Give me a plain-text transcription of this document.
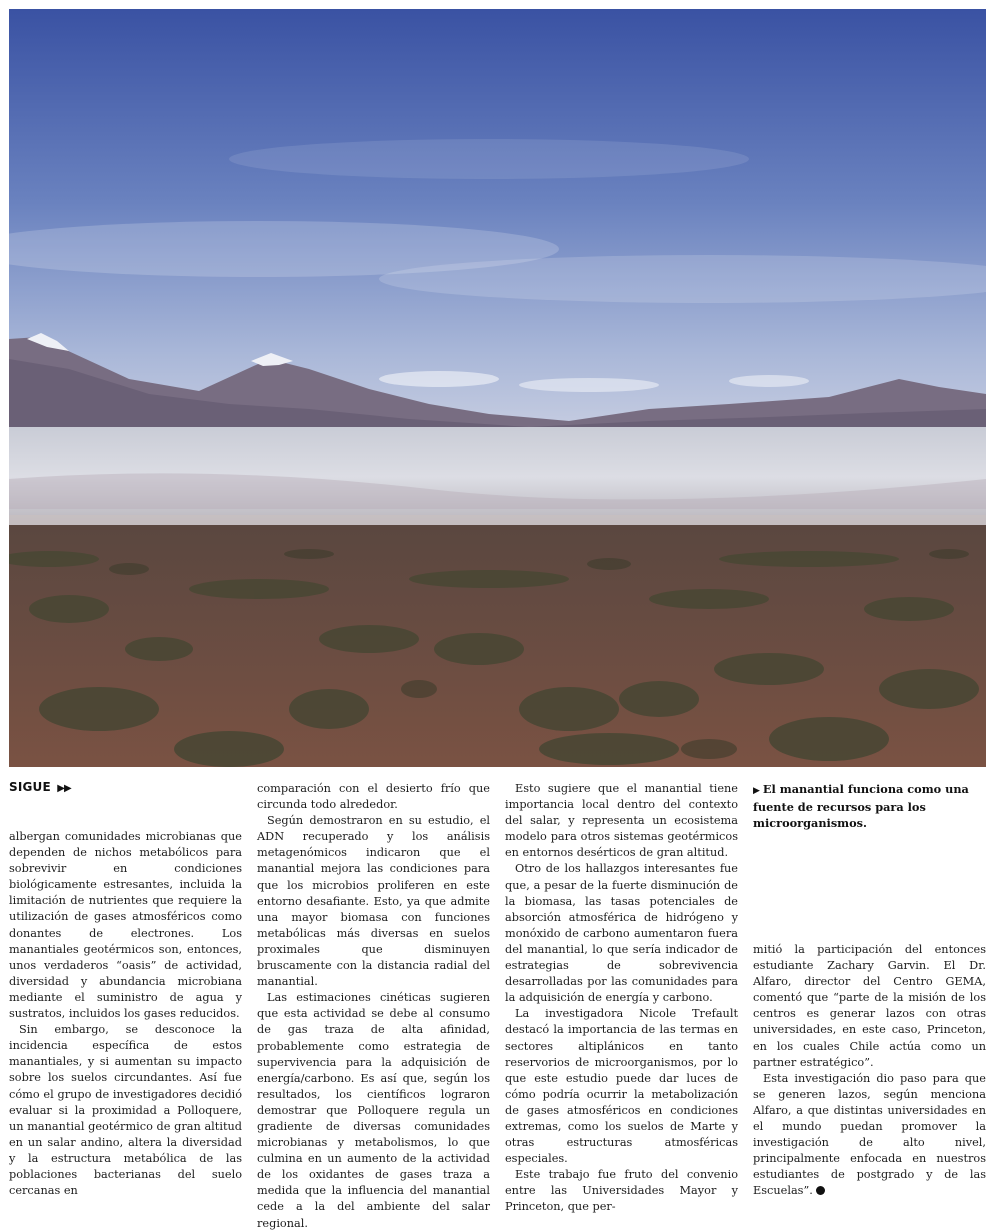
SIGUE ▶▶

albergan comunidades microbianas que dependen de nichos metabólicos para sobrevivir en condiciones biológicamente estresantes, incluida la limitación de nutrientes que requiere la utilización de gases atmosféricos como donantes de electrones. Los manantiales geotérmicos son, entonces, unos verdaderos “oasis” de actividad, diversidad y abundancia microbiana mediante el suministro de agua y sustratos, incluidos los gases reducidos.

Sin embargo, se desconoce la incidencia específica de estos manantiales, y si aumentan su impacto sobre los suelos circundantes. Así fue cómo el grupo de investigadores decidió evaluar si la proximidad a Polloquere, un manantial geotérmico de gran altitud en un salar andino, altera la diversidad y la estructura metabólica de las poblaciones bacterianas del suelo cercanas en

comparación con el desierto frío que circunda todo alrededor.

Según demostraron en su estudio, el ADN recuperado y los análisis metagenómicos indicaron que el manantial mejora las condiciones para que los microbios proliferen en este entorno desafiante. Esto, ya que admite una mayor biomasa con funciones metabólicas más diversas en suelos proximales que disminuyen bruscamente con la distancia radial del manantial.

Las estimaciones cinéticas sugieren que esta actividad se debe al consumo de gas traza de alta afinidad, probablemente como estrategia de supervivencia para la adquisición de energía/carbono. Es así que, según los resultados, los científicos lograron demostrar que Polloquere regula un gradiente de diversas comunidades microbianas y metabolismos, lo que culmina en un aumento de la actividad de los oxidantes de gases traza a medida que la influencia del manantial cede a la del ambiente del salar regional.

Esto sugiere que el manantial tiene importancia local dentro del contexto del salar, y representa un ecosistema modelo para otros sistemas geotérmicos en entornos desérticos de gran altitud.

Otro de los hallazgos interesantes fue que, a pesar de la fuerte disminución de la biomasa, las tasas potenciales de absorción atmosférica de hidrógeno y monóxido de carbono aumentaron fuera del manantial, lo que sería indicador de estrategias de sobrevivencia desarrolladas por las comunidades para la adquisición de energía y carbono.

La investigadora Nicole Trefault destacó la importancia de las termas en sectores altiplánicos en tanto reservorios de microorganismos, por lo que este estudio puede dar luces de cómo podría ocurrir la metabolización de gases atmosféricos en condiciones extremas, como los suelos de Marte y otras estructuras atmosféricas especiales.

Este trabajo fue fruto del convenio entre las Universidades Mayor y Princeton, que per-

▶ El manantial funciona como una fuente de recursos para los microorganismos.

mitió la participación del entonces estudiante Zachary Garvin. El Dr. Alfaro, director del Centro GEMA, comentó que “parte de la misión de los centros es generar lazos con otras universidades, en este caso, Princeton, en los cuales Chile actúa como un partner estratégico”.

Esta investigación dio paso para que se generen lazos, según menciona Alfaro, a que distintas universidades en el mundo puedan promover la investigación de alto nivel, principalmente enfocada en nuestros estudiantes de postgrado y de las Escuelas”.
